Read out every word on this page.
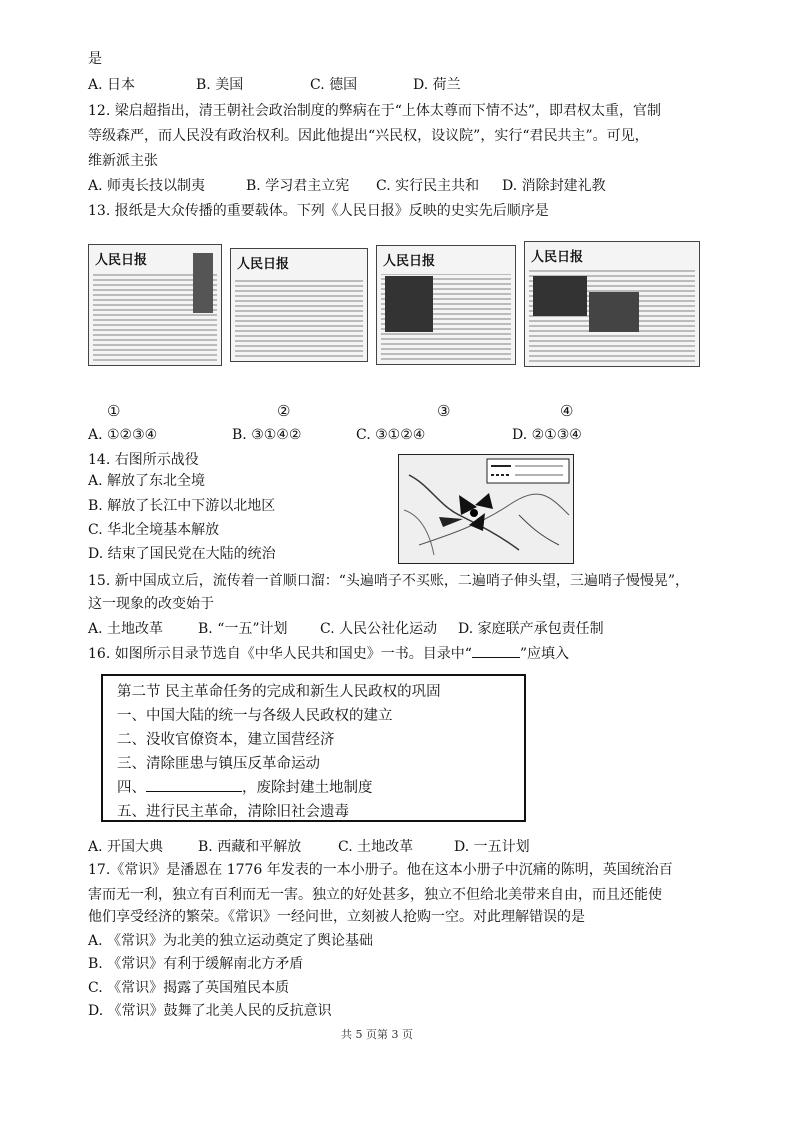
是
A. 日本	B. 美国	C. 德国	D. 荷兰
12. 梁启超指出，清王朝社会政治制度的弊病在于“上体太尊而下情不达”，即君权太重，官制
等级森严，而人民没有政治权利。因此他提出“兴民权，设议院”，实行“君民共主”。可见，
维新派主张
A. 师夷长技以制夷	B. 学习君主立宪 C. 实行民主共和 D. 消除封建礼教
13. 报纸是大众传播的重要载体。下列《人民日报》反映的史实先后顺序是
人民日报	人民日报	人民日报	人民日报
①	②	③	④
A. ①②③④	B. ③①④②	C. ③①②④	D. ②①③④
14. 右图所示战役
A. 解放了东北全境
B. 解放了长江中下游以北地区
C. 华北全境基本解放
D. 结束了国民党在大陆的统治
15. 新中国成立后，流传着一首顺口溜：“头遍哨子不买账，二遍哨子伸头望，三遍哨子慢慢晃”，
这一现象的改变始于
A. 土地改革 B. “一五”计划 C. 人民公社化运动 D. 家庭联产承包责任制
16. 如图所示目录节选自《中华人民共和国史》一书。目录中“	”应填入
第二节 民主革命任务的完成和新生人民政权的巩固
一、中国大陆的统一与各级人民政权的建立
二、没收官僚资本，建立国营经济
三、清除匪患与镇压反革命运动
四、	，废除封建土地制度
五、进行民主革命，清除旧社会遗毒
A. 开国大典 B. 西藏和平解放	C. 土地改革	D. 一五计划
17.《常识》是潘恩在 1776 年发表的一本小册子。他在这本小册子中沉痛的陈明，英国统治百
害而无一利，独立有百利而无一害。独立的好处甚多，独立不但给北美带来自由，而且还能使
他们享受经济的繁荣。《常识》一经问世，立刻被人抢购一空。对此理解错误的是
A. 《常识》为北美的独立运动奠定了舆论基础
B. 《常识》有利于缓解南北方矛盾
C. 《常识》揭露了英国殖民本质
D. 《常识》鼓舞了北美人民的反抗意识
共 5 页第 3 页
